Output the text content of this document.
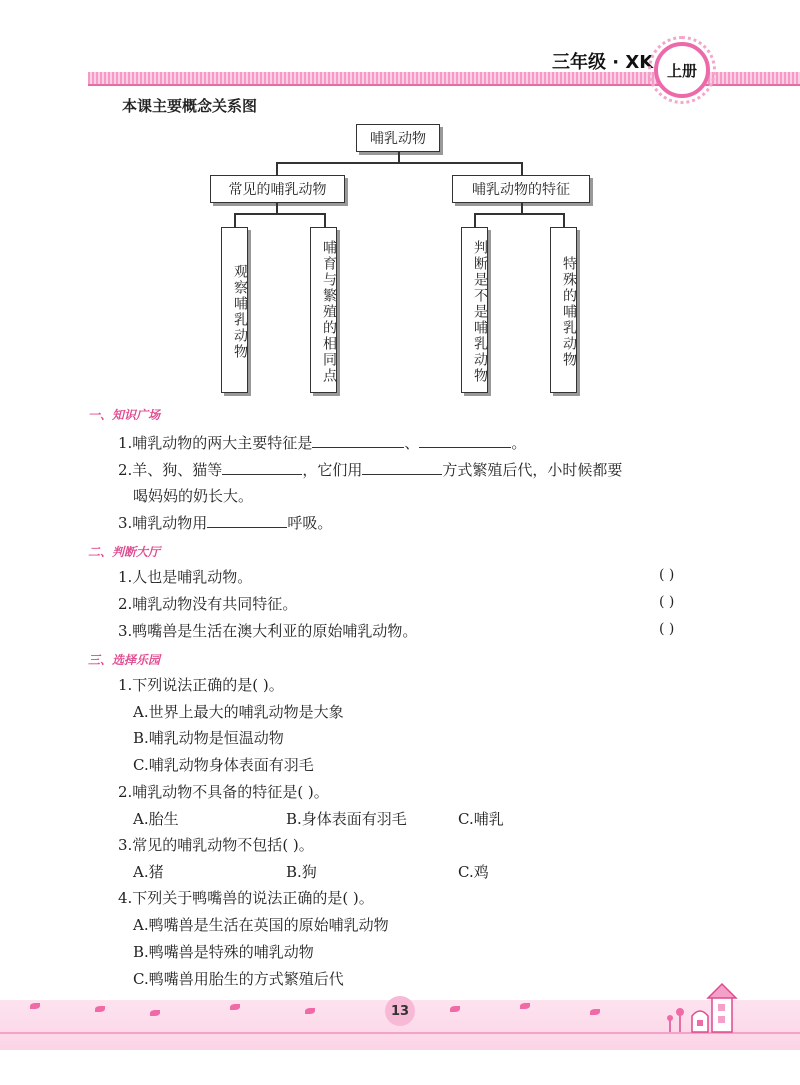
三年级 · XK 上册
本课主要概念关系图
哺乳动物
常见的哺乳动物	哺乳动物的特征
观察哺乳动物	哺育与繁殖的相同点	判断是不是哺乳动物	特殊的哺乳动物
一、知识广场
1.哺乳动物的两大主要特征是	、	。
2.羊、狗、猫等	，它们用	方式繁殖后代，小时候都要
喝妈妈的奶长大。
3.哺乳动物用	呼吸。
二、判断大厅
1.人也是哺乳动物。	( )
2.哺乳动物没有共同特征。	( )
3.鸭嘴兽是生活在澳大利亚的原始哺乳动物。	( )
三、选择乐园
1.下列说法正确的是( )。
A.世界上最大的哺乳动物是大象
B.哺乳动物是恒温动物
C.哺乳动物身体表面有羽毛
2.哺乳动物不具备的特征是( )。
A.胎生	B.身体表面有羽毛	C.哺乳
3.常见的哺乳动物不包括( )。
A.猪	B.狗	C.鸡
4.下列关于鸭嘴兽的说法正确的是( )。
A.鸭嘴兽是生活在英国的原始哺乳动物
B.鸭嘴兽是特殊的哺乳动物
C.鸭嘴兽用胎生的方式繁殖后代
13
